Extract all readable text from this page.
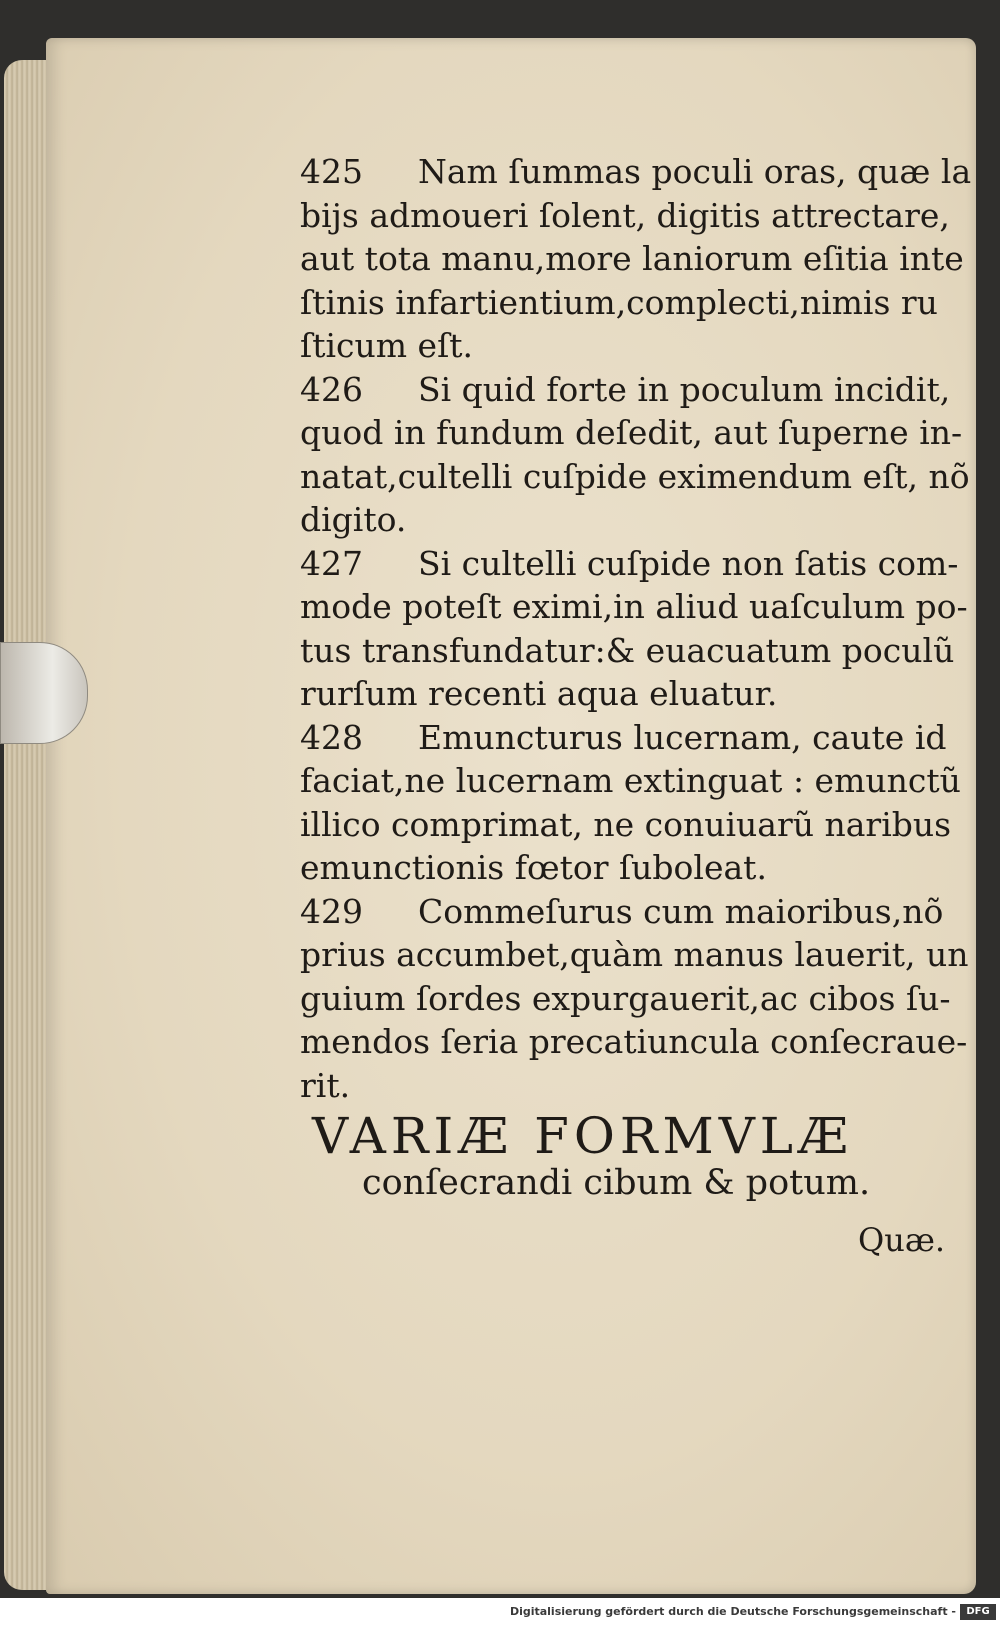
425 Nam ſummas poculi oras, quæ la
bijs admoueri ſolent, digitis attrectare,
aut tota manu,more laniorum eſitia inte
ſtinis infartientium,complecti,nimis ru
ſticum eſt.
426 Si quid forte in poculum incidit,
quod in fundum deſedit, aut ſuperne in-
natat,cultelli cuſpide eximendum eſt, nõ
digito.
427 Si cultelli cuſpide non ſatis com-
mode poteſt eximi,in aliud uaſculum po-
tus transfundatur:& euacuatum poculũ
rurſum recenti aqua eluatur.
428 Emuncturus lucernam, caute id
faciat,ne lucernam extinguat : emunctũ
illico comprimat, ne conuiuarũ naribus
emunctionis fœtor ſuboleat.
429 Commeſurus cum maioribus,nõ
prius accumbet,quàm manus lauerit, un
guium ſordes expurgauerit,ac cibos ſu-
mendos ſeria precatiuncula conſecraue-
rit.
VARIÆ FORMVLÆ
conſecrandi cibum & potum.
Quæ.
Digitalisierung gefördert durch die Deutsche Forschungsgemeinschaft -	DFG
